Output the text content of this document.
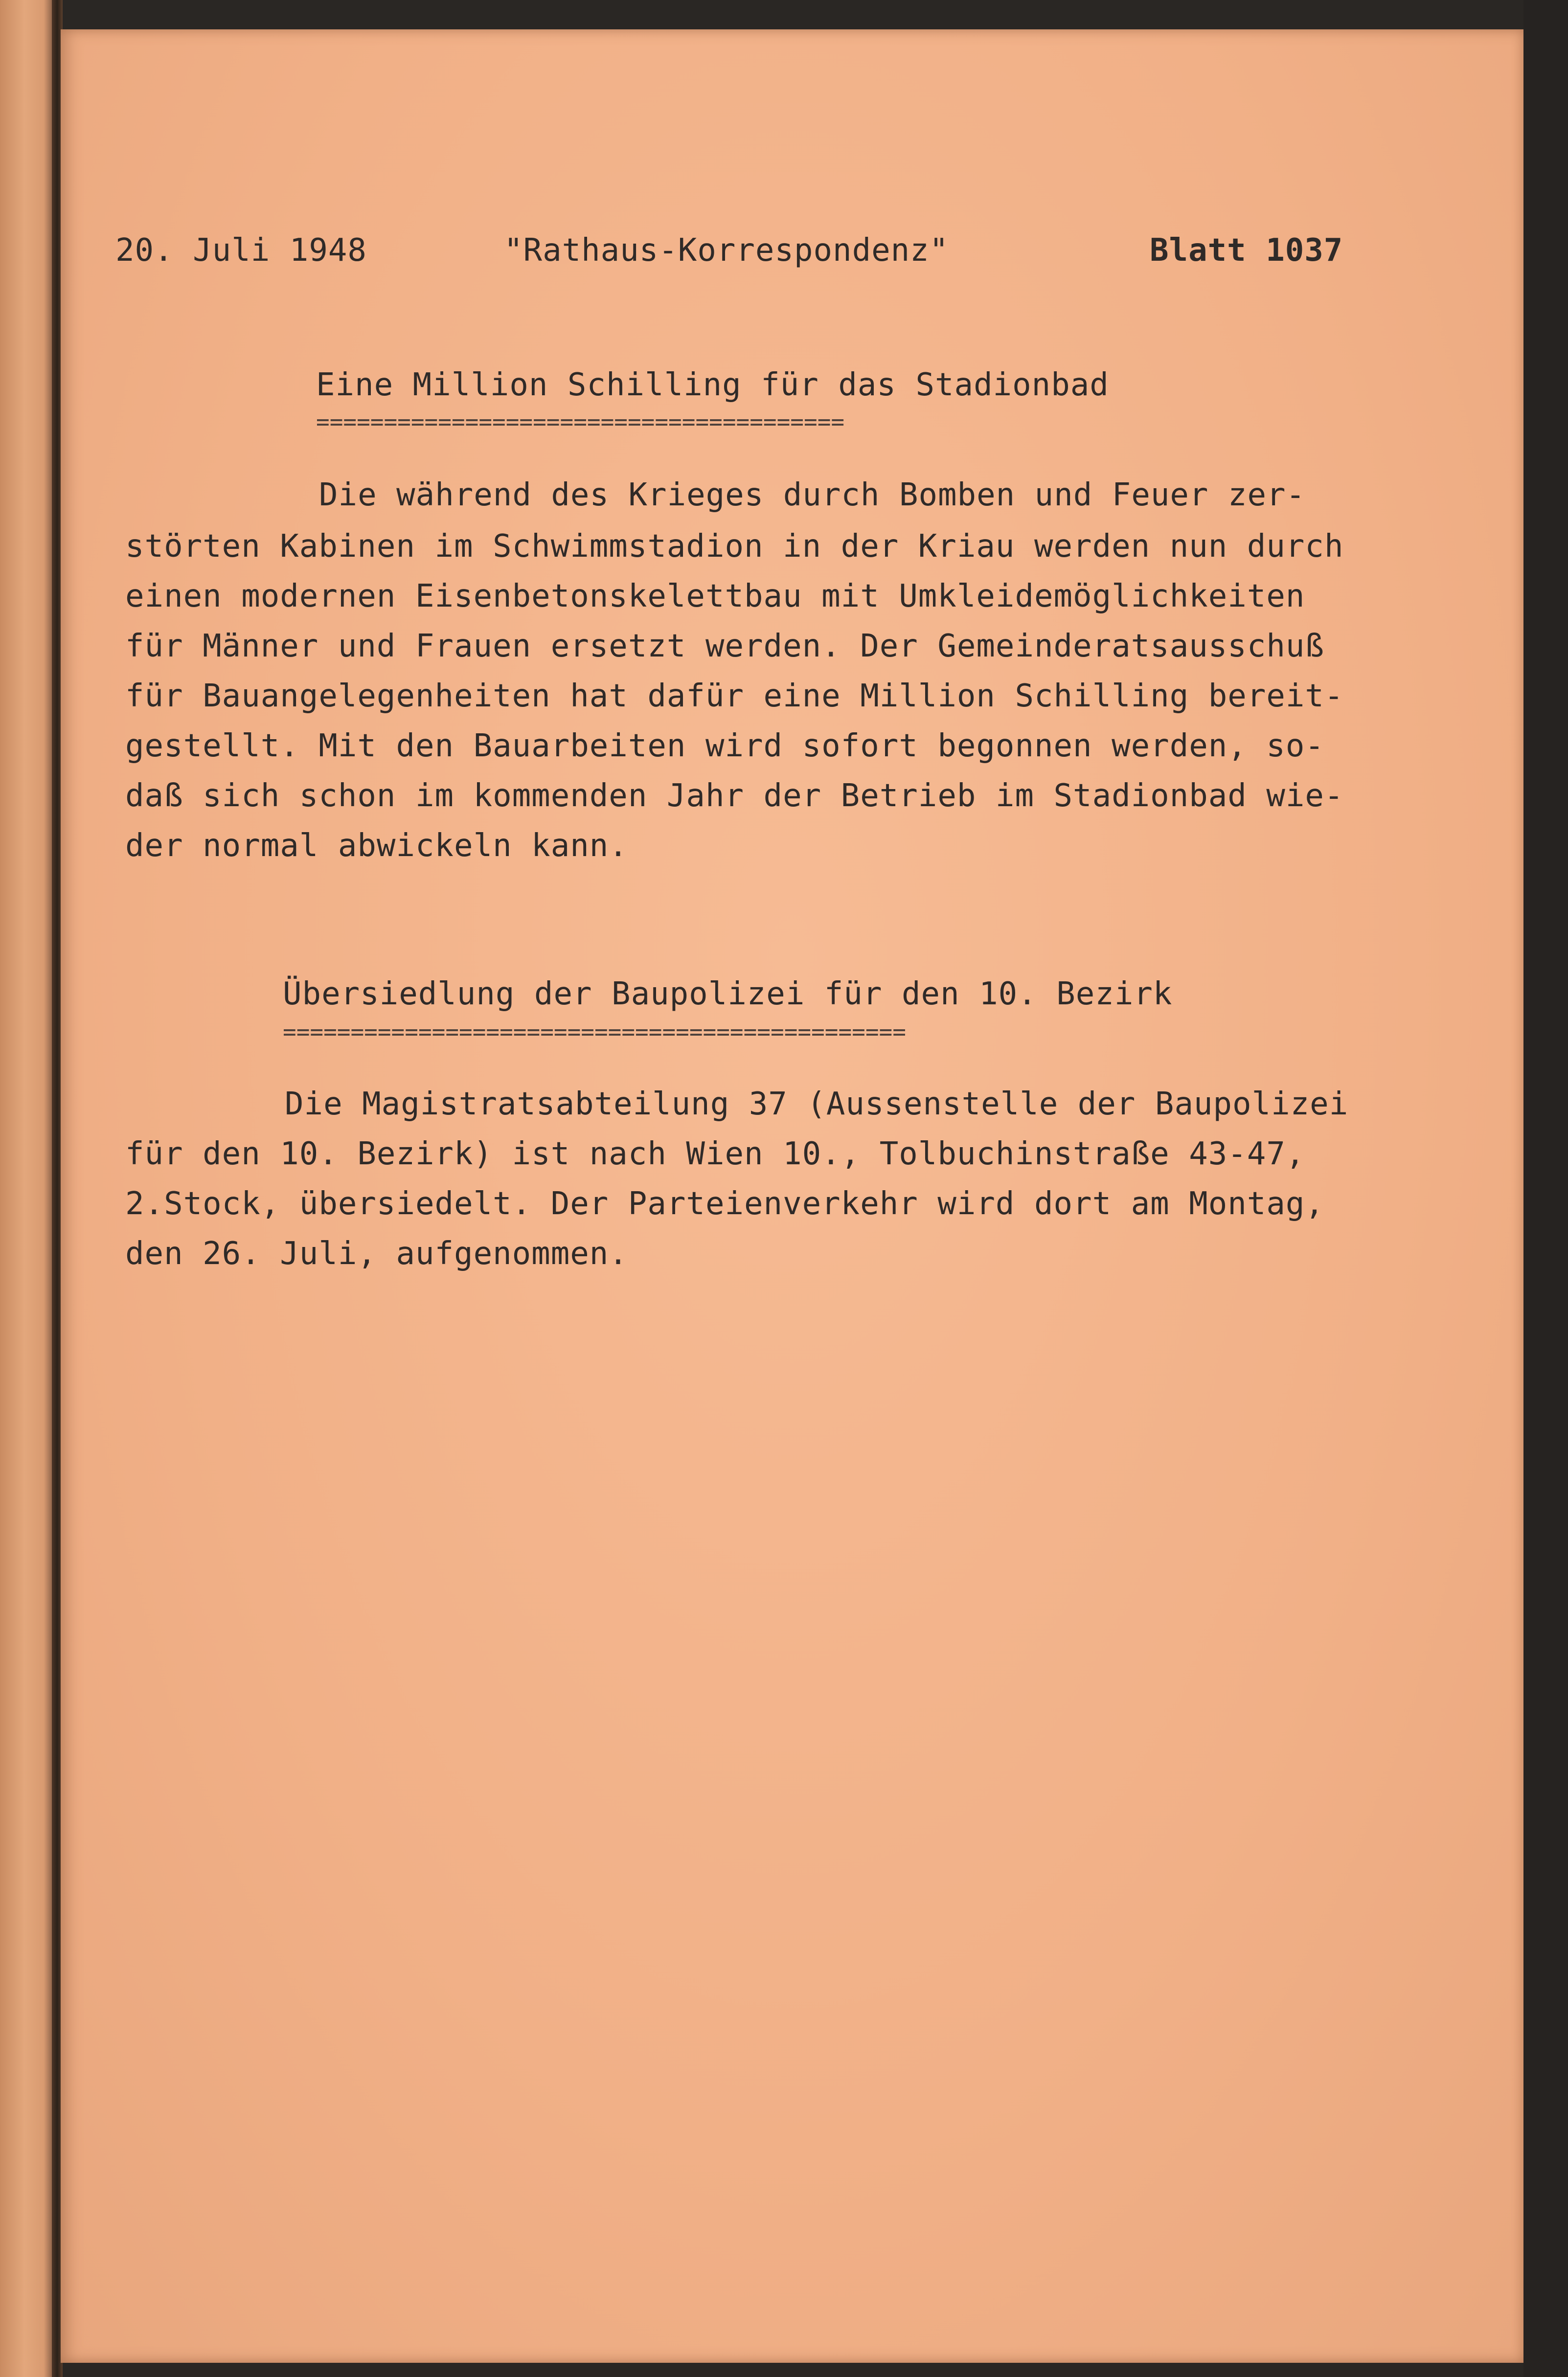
20. Juli 1948	"Rathaus-Korrespondenz"	Blatt 1037
Eine Million Schilling für das Stadionbad
=======================================
Die während des Krieges durch Bomben und Feuer zer-
störten Kabinen im Schwimmstadion in der Kriau werden nun durch
einen modernen Eisenbetonskelettbau mit Umkleidemöglichkeiten
für Männer und Frauen ersetzt werden. Der Gemeinderatsausschuß
für Bauangelegenheiten hat dafür eine Million Schilling bereit-
gestellt. Mit den Bauarbeiten wird sofort begonnen werden, so-
daß sich schon im kommenden Jahr der Betrieb im Stadionbad wie-
der normal abwickeln kann.
Übersiedlung der Baupolizei für den 10. Bezirk
==============================================
Die Magistratsabteilung 37 (Aussenstelle der Baupolizei
für den 10. Bezirk) ist nach Wien 10., Tolbuchinstraße 43-47,
2.Stock, übersiedelt. Der Parteienverkehr wird dort am Montag,
den 26. Juli, aufgenommen.
